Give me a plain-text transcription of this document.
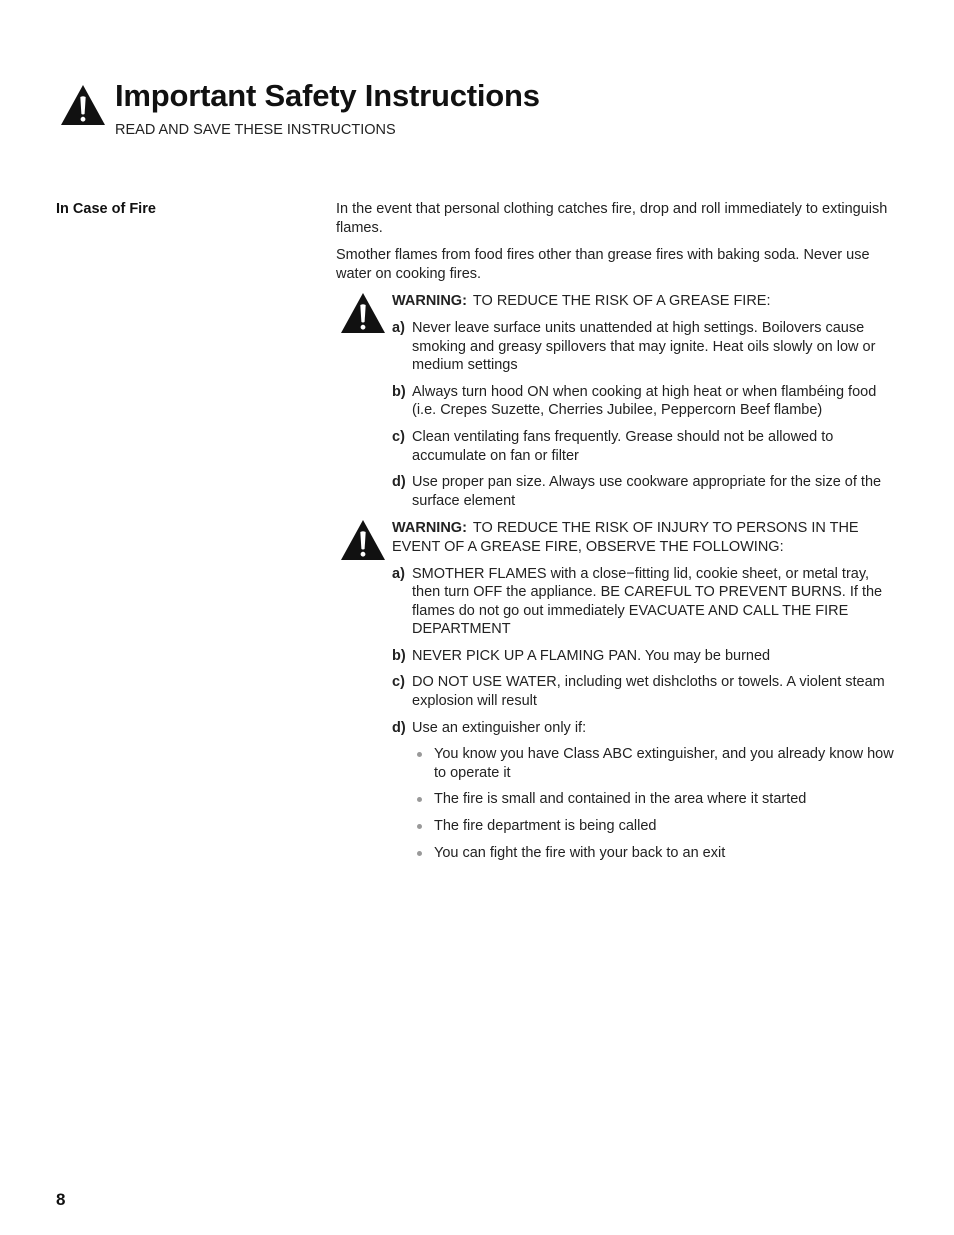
Important Safety Instructions
READ AND SAVE THESE INSTRUCTIONS
In Case of Fire	In the event that personal clothing catches fire, drop and roll immediately to extinguish flames.

Smother flames from food fires other than grease fires with baking soda. Never use water on cooking fires.

WARNING: TO REDUCE THE RISK OF A GREASE FIRE:

a) Never leave surface units unattended at high settings. Boilovers cause smoking and greasy spillovers that may ignite. Heat oils slowly on low or medium settings
b) Always turn hood ON when cooking at high heat or when flambéing food (i.e. Crepes Suzette, Cherries Jubilee, Peppercorn Beef flambe)
c) Clean ventilating fans frequently. Grease should not be allowed to accumulate on fan or filter
d) Use proper pan size. Always use cookware appropriate for the size of the surface element

WARNING: TO REDUCE THE RISK OF INJURY TO PERSONS IN THE EVENT OF A GREASE FIRE, OBSERVE THE FOLLOWING:

a) SMOTHER FLAMES with a close−fitting lid, cookie sheet, or metal tray, then turn OFF the appliance. BE CAREFUL TO PREVENT BURNS. If the flames do not go out immediately EVACUATE AND CALL THE FIRE DEPARTMENT
b) NEVER PICK UP A FLAMING PAN. You may be burned
c) DO NOT USE WATER, including wet dishcloths or towels. A violent steam explosion will result
d) Use an extinguisher only if:
You know you have Class ABC extinguisher, and you already know how to operate it
The fire is small and contained in the area where it started
The fire department is being called
You can fight the fire with your back to an exit
8
